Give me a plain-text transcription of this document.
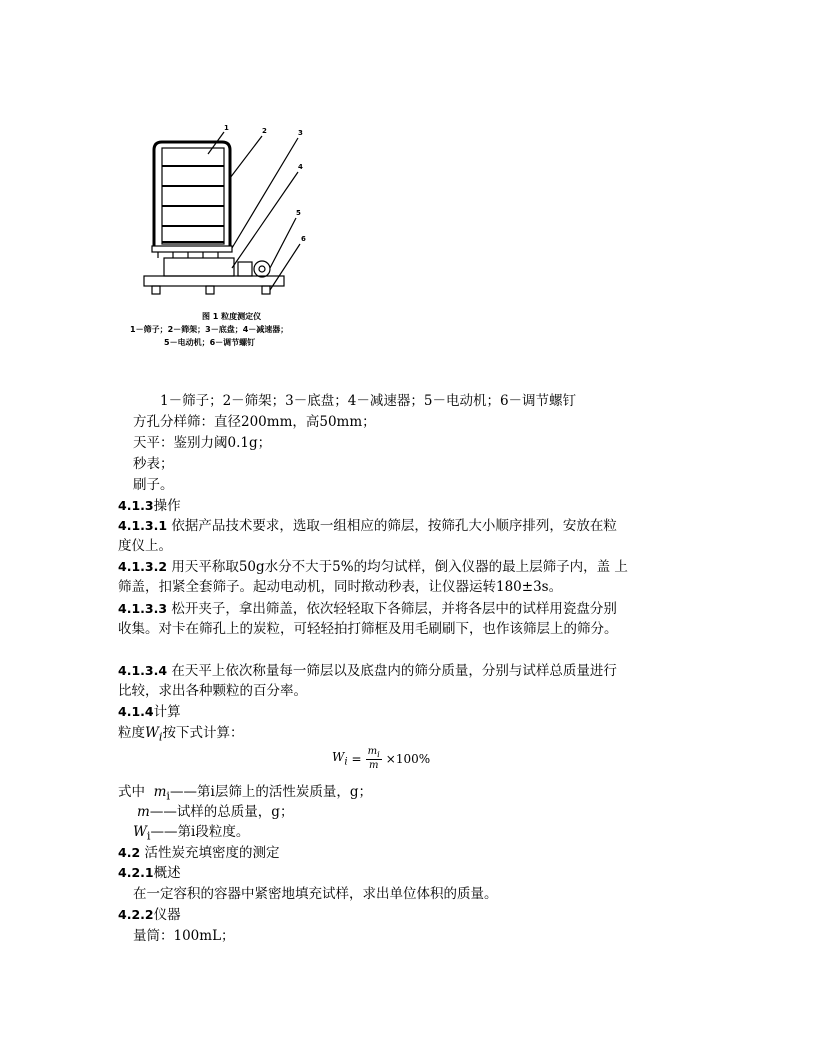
1	2	3
4
5
6
图 1 粒度测定仪
1－筛子；2－筛架；3－底盘；4－减速器；
5－电动机；6－调节螺钉
1－筛子；2－筛架；3－底盘；4－减速器；5－电动机；6－调节螺钉
方孔分样筛：直径200mm，高50mm；
天平：鉴别力阈0.1g；
秒表；
刷子。
4.1.3操作
4.1.3.1 依据产品技术要求，选取一组相应的筛层，按筛孔大小顺序排列，安放在粒度仪上。
4.1.3.2 用天平称取50g水分不大于5%的均匀试样，倒入仪器的最上层筛子内，盖 上筛盖，扣紧全套筛子。起动电动机，同时揿动秒表，让仪器运转180±3s。
4.1.3.3 松开夹子，拿出筛盖，依次轻轻取下各筛层，并将各层中的试样用瓷盘分别收集。对卡在筛孔上的炭粒，可轻轻拍打筛框及用毛刷刷下，也作该筛层上的筛分。
4.1.3.4 在天平上依次称量每一筛层以及底盘内的筛分质量，分别与试样总质量进行比较，求出各种颗粒的百分率。
4.1.4计算
粒度$W_i$按下式计算：
$W_i = \frac{m_i}{m} \times 100\%$
式中 $m_i——$第i层筛上的活性炭质量，g；
m——试样的总质量，g；
$W_i——$第i段粒度。
4.2 活性炭充填密度的测定
4.2.1概述
在一定容积的容器中紧密地填充试样，求出单位体积的质量。
4.2.2仪器
量筒：100mL；
